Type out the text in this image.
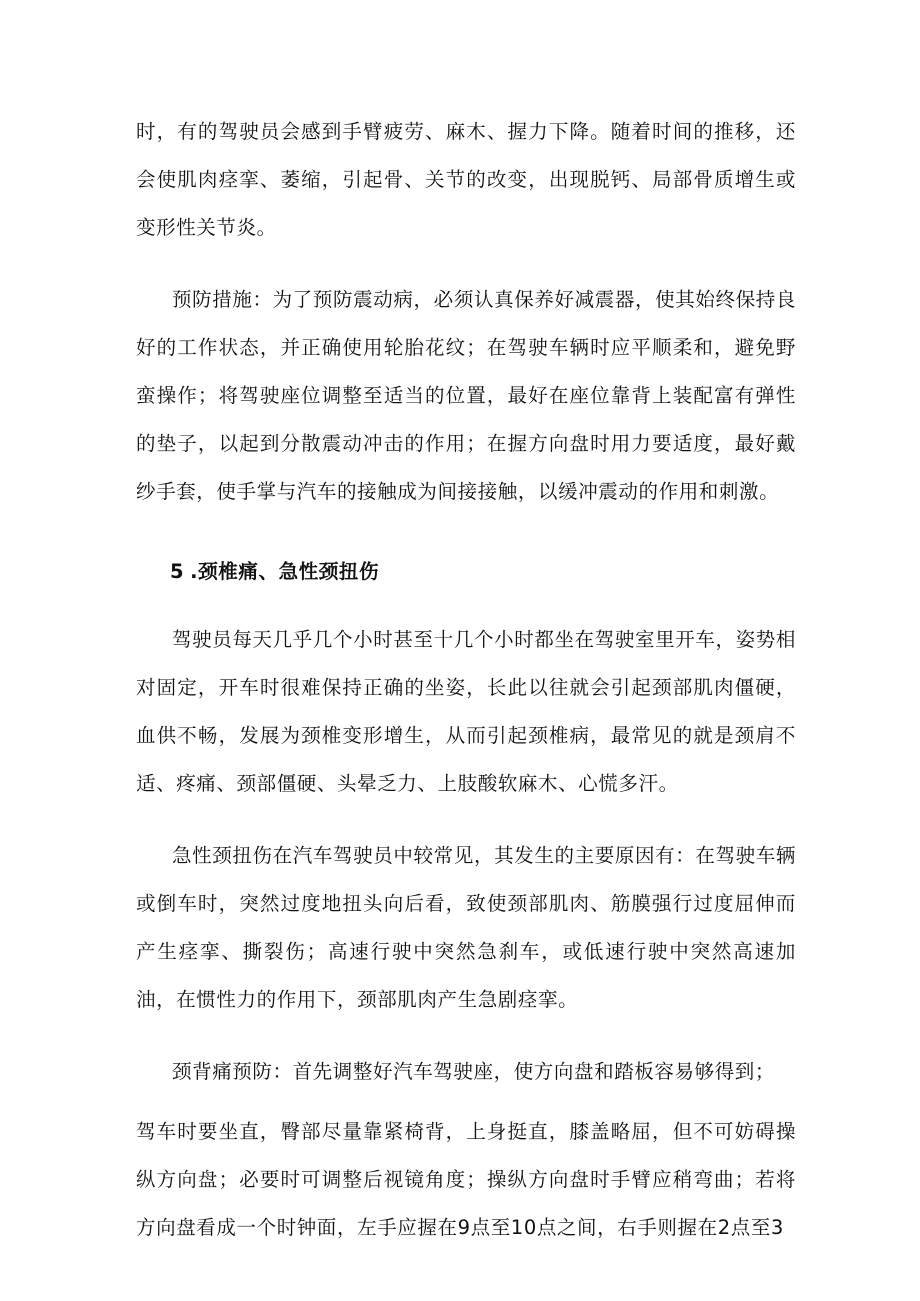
时，有的驾驶员会感到手臂疲劳、麻木、握力下降。随着时间的推移，还会使肌肉痉挛、萎缩，引起骨、关节的改变，出现脱钙、局部骨质增生或变形性关节炎。

预防措施：为了预防震动病，必须认真保养好减震器，使其始终保持良好的工作状态，并正确使用轮胎花纹；在驾驶车辆时应平顺柔和，避免野蛮操作；将驾驶座位调整至适当的位置，最好在座位靠背上装配富有弹性的垫子，以起到分散震动冲击的作用；在握方向盘时用力要适度，最好戴纱手套，使手掌与汽车的接触成为间接接触，以缓冲震动的作用和刺激。

5 .颈椎痛、急性颈扭伤

驾驶员每天几乎几个小时甚至十几个小时都坐在驾驶室里开车，姿势相对固定，开车时很难保持正确的坐姿，长此以往就会引起颈部肌肉僵硬，血供不畅，发展为颈椎变形增生，从而引起颈椎病，最常见的就是颈肩不适、疼痛、颈部僵硬、头晕乏力、上肢酸软麻木、心慌多汗。

急性颈扭伤在汽车驾驶员中较常见，其发生的主要原因有：在驾驶车辆或倒车时，突然过度地扭头向后看，致使颈部肌肉、筋膜强行过度屈伸而产生痉挛、撕裂伤；高速行驶中突然急刹车，或低速行驶中突然高速加油，在惯性力的作用下，颈部肌肉产生急剧痉挛。

颈背痛预防：首先调整好汽车驾驶座，使方向盘和踏板容易够得到；

驾车时要坐直，臀部尽量靠紧椅背，上身挺直，膝盖略屈，但不可妨碍操纵方向盘；必要时可调整后视镜角度；操纵方向盘时手臂应稍弯曲；若将方向盘看成一个时钟面，左手应握在9点至10点之间，右手则握在2点至3
